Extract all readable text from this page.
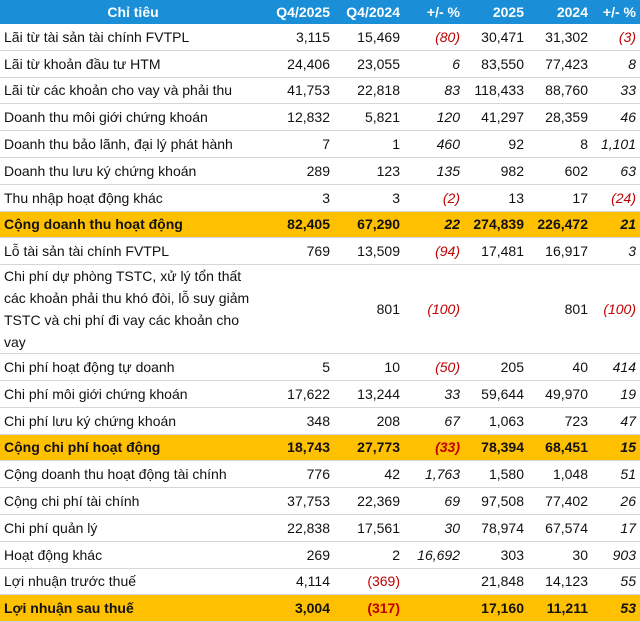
Chỉ tiêu	Q4/2025	Q4/2024	+/- %	2025	2024	+/- %
Lãi từ tài sản tài chính FVTPL	3,115	15,469	(80)	30,471	31,302	(3)
Lãi từ khoản đầu tư HTM	24,406	23,055	6	83,550	77,423	8
Lãi từ các khoản cho vay và phải thu	41,753	22,818	83	118,433	88,760	33
Doanh thu môi giới chứng khoán	12,832	5,821	120	41,297	28,359	46
Doanh thu bảo lãnh, đại lý phát hành	7	1	460	92	8	1,101
Doanh thu lưu ký chứng khoán	289	123	135	982	602	63
Thu nhập hoạt động khác	3	3	(2)	13	17	(24)
Cộng doanh thu hoạt động	82,405	67,290	22	274,839	226,472	21
Lỗ tài sản tài chính FVTPL	769	13,509	(94)	17,481	16,917	3
Chi phí dự phòng TSTC, xử lý tổn thất các khoản phải thu khó đòi, lỗ suy giảm TSTC và chi phí đi vay các khoản cho vay		801	(100)		801	(100)
Chi phí hoạt động tự doanh	5	10	(50)	205	40	414
Chi phí môi giới chứng khoán	17,622	13,244	33	59,644	49,970	19
Chi phí lưu ký chứng khoán	348	208	67	1,063	723	47
Cộng chi phí hoạt động	18,743	27,773	(33)	78,394	68,451	15
Cộng doanh thu hoạt động tài chính	776	42	1,763	1,580	1,048	51
Cộng chi phí tài chính	37,753	22,369	69	97,508	77,402	26
Chi phí quản lý	22,838	17,561	30	78,974	67,574	17
Hoạt động khác	269	2	16,692	303	30	903
Lợi nhuận trước thuế	4,114	(369)		21,848	14,123	55
Lợi nhuận sau thuế	3,004	(317)		17,160	11,211	53
